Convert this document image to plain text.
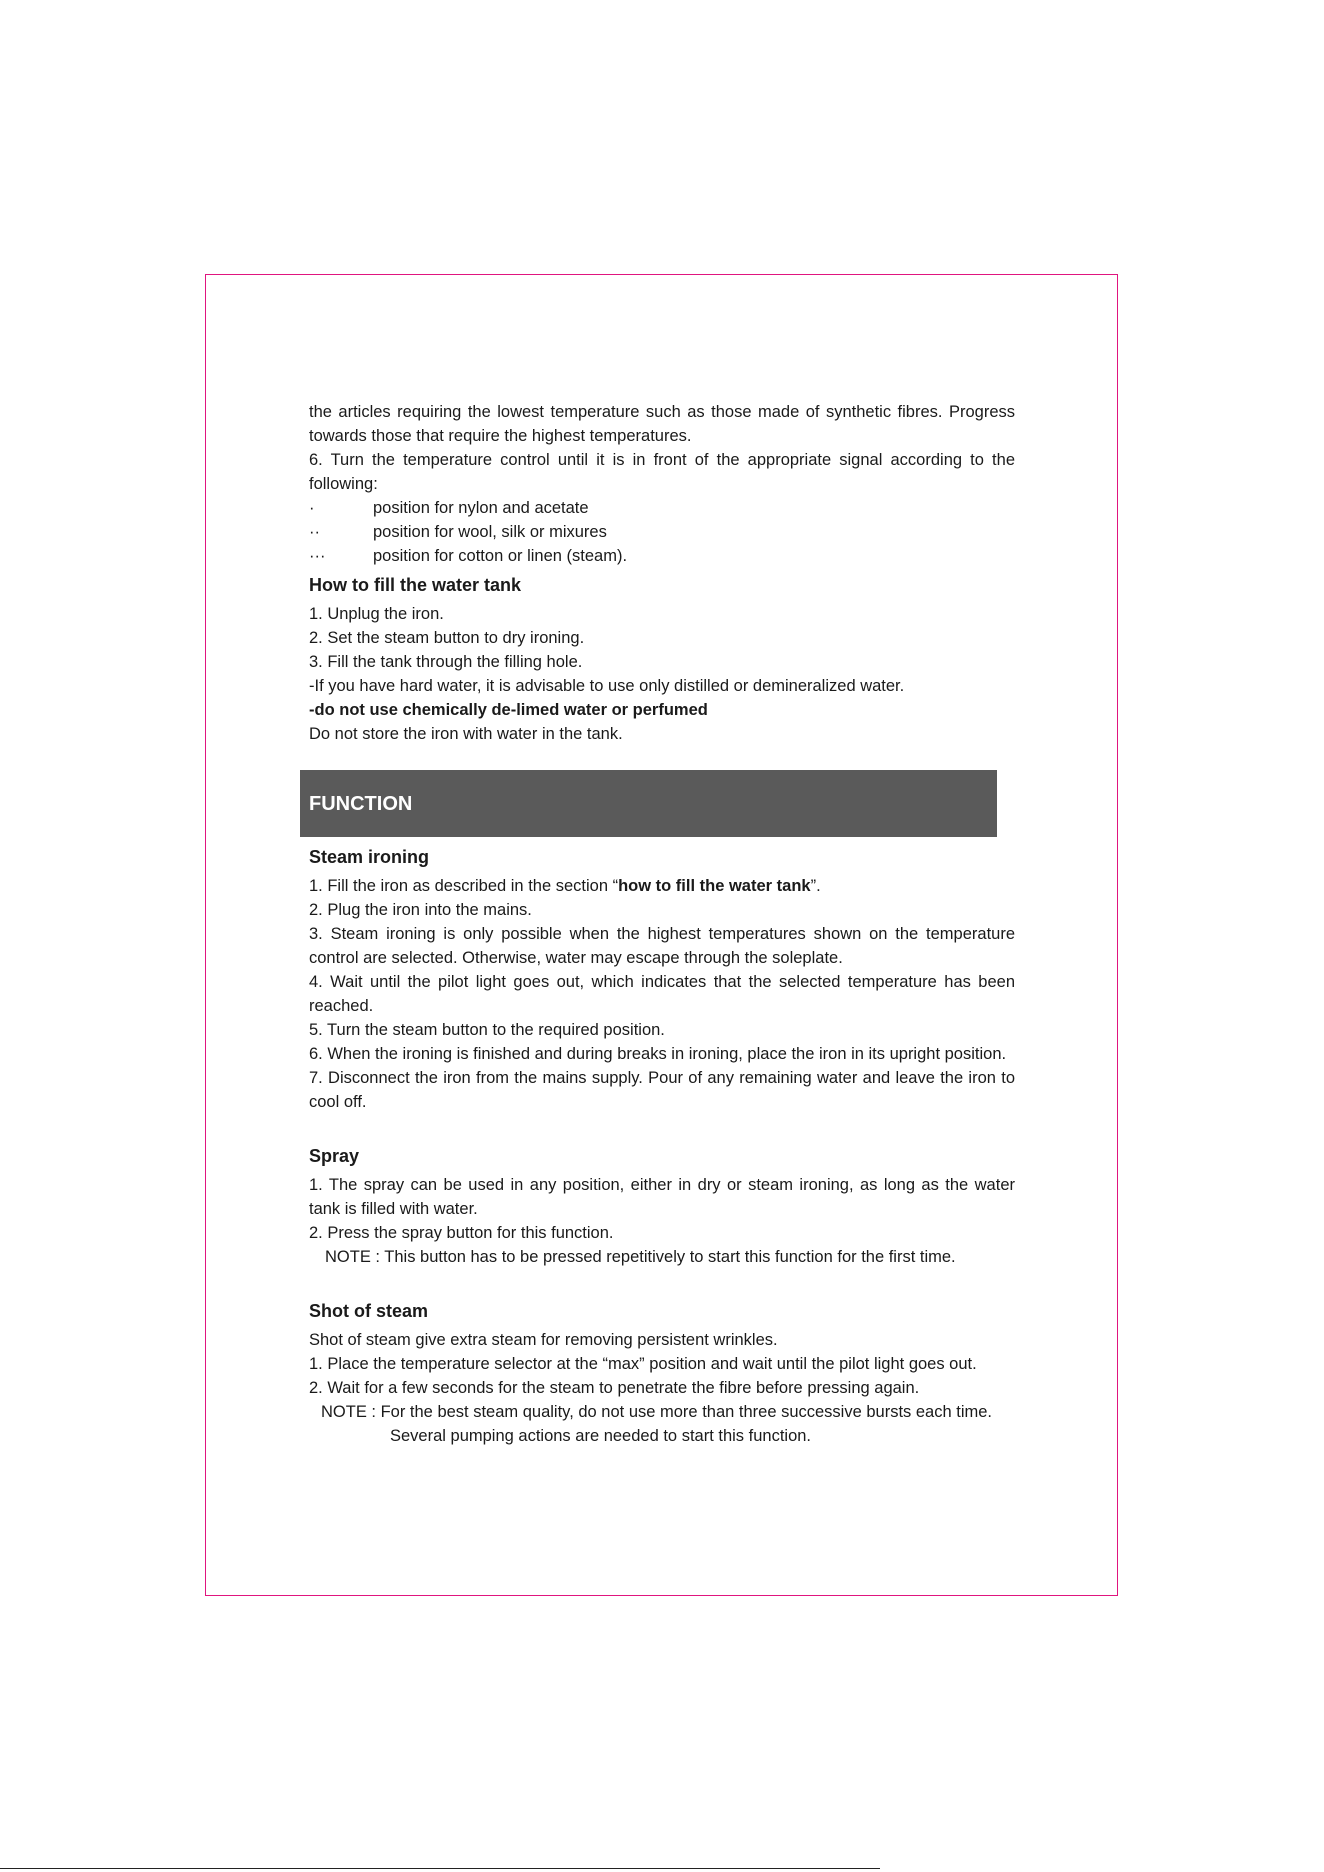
the articles requiring the lowest temperature such as those made of synthetic fibres. Progress towards those that require the highest temperatures.

6. Turn the temperature control until it is in front of the appropriate signal according to the following:

·	position for nylon and acetate
··	position for wool, silk or mixures
···	position for cotton or linen (steam).

How to fill the water tank

1. Unplug the iron.

2. Set the steam button to dry ironing.

3. Fill the tank through the filling hole.

-If you have hard water, it is advisable to use only distilled or demineralized water.

-do not use chemically de-limed water or perfumed

Do not store the iron with water in the tank.

FUNCTION

Steam ironing

1. Fill the iron as described in the section “how to fill the water tank”.

2. Plug the iron into the mains.

3. Steam ironing is only possible when the highest temperatures shown on the temperature control are selected. Otherwise, water may escape through the soleplate.

4. Wait until the pilot light goes out, which indicates that the selected temperature has been reached.

5. Turn the steam button to the required position.

6. When the ironing is finished and during breaks in ironing, place the iron in its upright position.

7. Disconnect the iron from the mains supply. Pour of any remaining water and leave the iron to cool off.

Spray

1. The spray can be used in any position, either in dry or steam ironing, as long as the water tank is filled with water.

2. Press the spray button for this function.

NOTE : This button has to be pressed repetitively to start this function for the first time.

Shot of steam

Shot of steam give extra steam for removing persistent wrinkles.

1. Place the temperature selector at the “max” position and wait until the pilot light goes out.

2. Wait for a few seconds for the steam to penetrate the fibre before pressing again.

NOTE : For the best steam quality, do not use more than three successive bursts each time.

Several pumping actions are needed to start this function.
